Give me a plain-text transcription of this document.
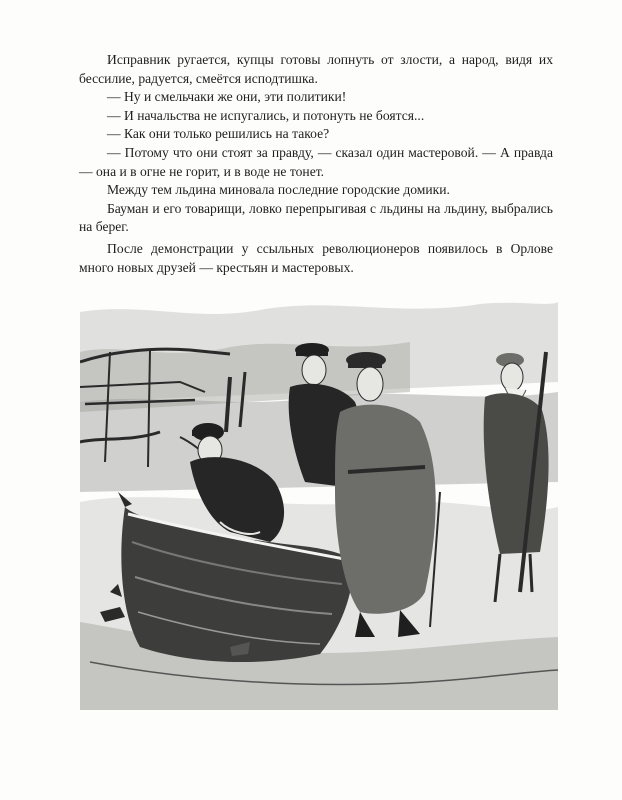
Исправник ругается, купцы готовы лопнуть от злости, а народ, видя их бессилие, радуется, смеётся исподтишка.

— Ну и смельчаки же они, эти политики!

— И начальства не испугались, и потонуть не боятся...

— Как они только решились на такое?

— Потому что они стоят за правду, — сказал один мастеровой. — А правда — она и в огне не горит, и в воде не тонет.

Между тем льдина миновала последние городские домики.

Бауман и его товарищи, ловко перепрыгивая с льдины на льдину, выбрались на берег.

После демонстрации у ссыльных революционеров появилось в Орлове много новых друзей — крестьян и мастеровых.
